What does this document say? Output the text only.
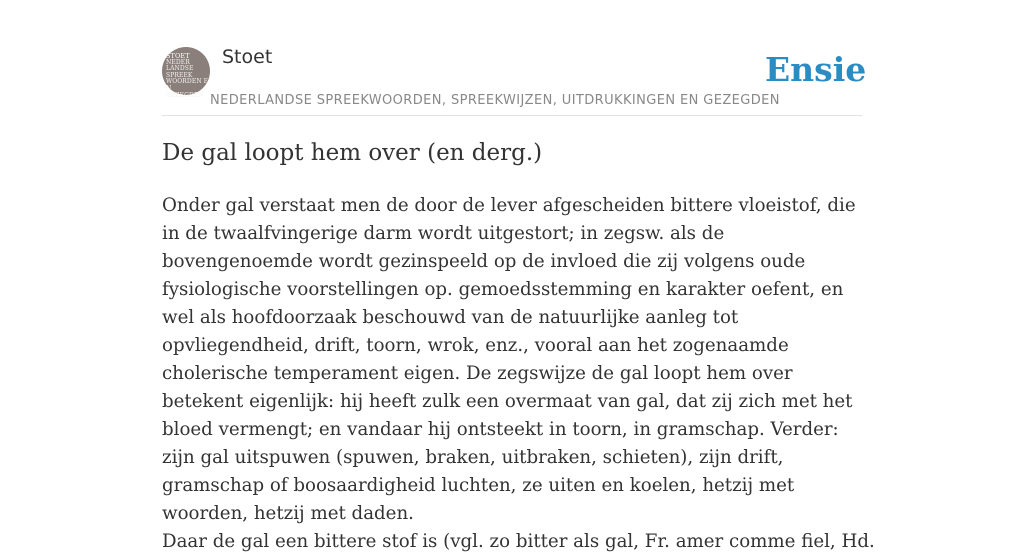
STOET
NEDER
LANDSE
SPREEK
WOORDEN EN
GEZEGDEN
Stoet
NEDERLANDSE SPREEKWOORDEN, SPREEKWIJZEN, UITDRUKKINGEN EN GEZEGDEN
Ensie
De gal loopt hem over (en derg.)

Onder gal verstaat men de door de lever afgescheiden bittere vloeistof, die in de twaalfvingerige darm wordt uitgestort; in zegsw. als de bovengenoemde wordt gezinspeeld op de invloed die zij volgens oude fysiologische voorstellingen op. gemoedsstemming en karakter oefent, en wel als hoofdoorzaak beschouwd van de natuurlijke aanleg tot opvliegendheid, drift, toorn, wrok, enz., vooral aan het zogenaamde cholerische temperament eigen. De zegswijze de gal loopt hem over betekent eigenlijk: hij heeft zulk een overmaat van gal, dat zij zich met het bloed vermengt; en vandaar hij ontsteekt in toorn, in gramschap. Verder: zijn gal uitspuwen (spuwen, braken, uitbraken, schieten), zijn drift, gramschap of boosaardigheid luchten, ze uiten en koelen, hetzij met woorden, hetzij met daden.

Daar de gal een bittere stof is (vgl. zo bitter als gal, Fr. amer comme fiel, Hd.
